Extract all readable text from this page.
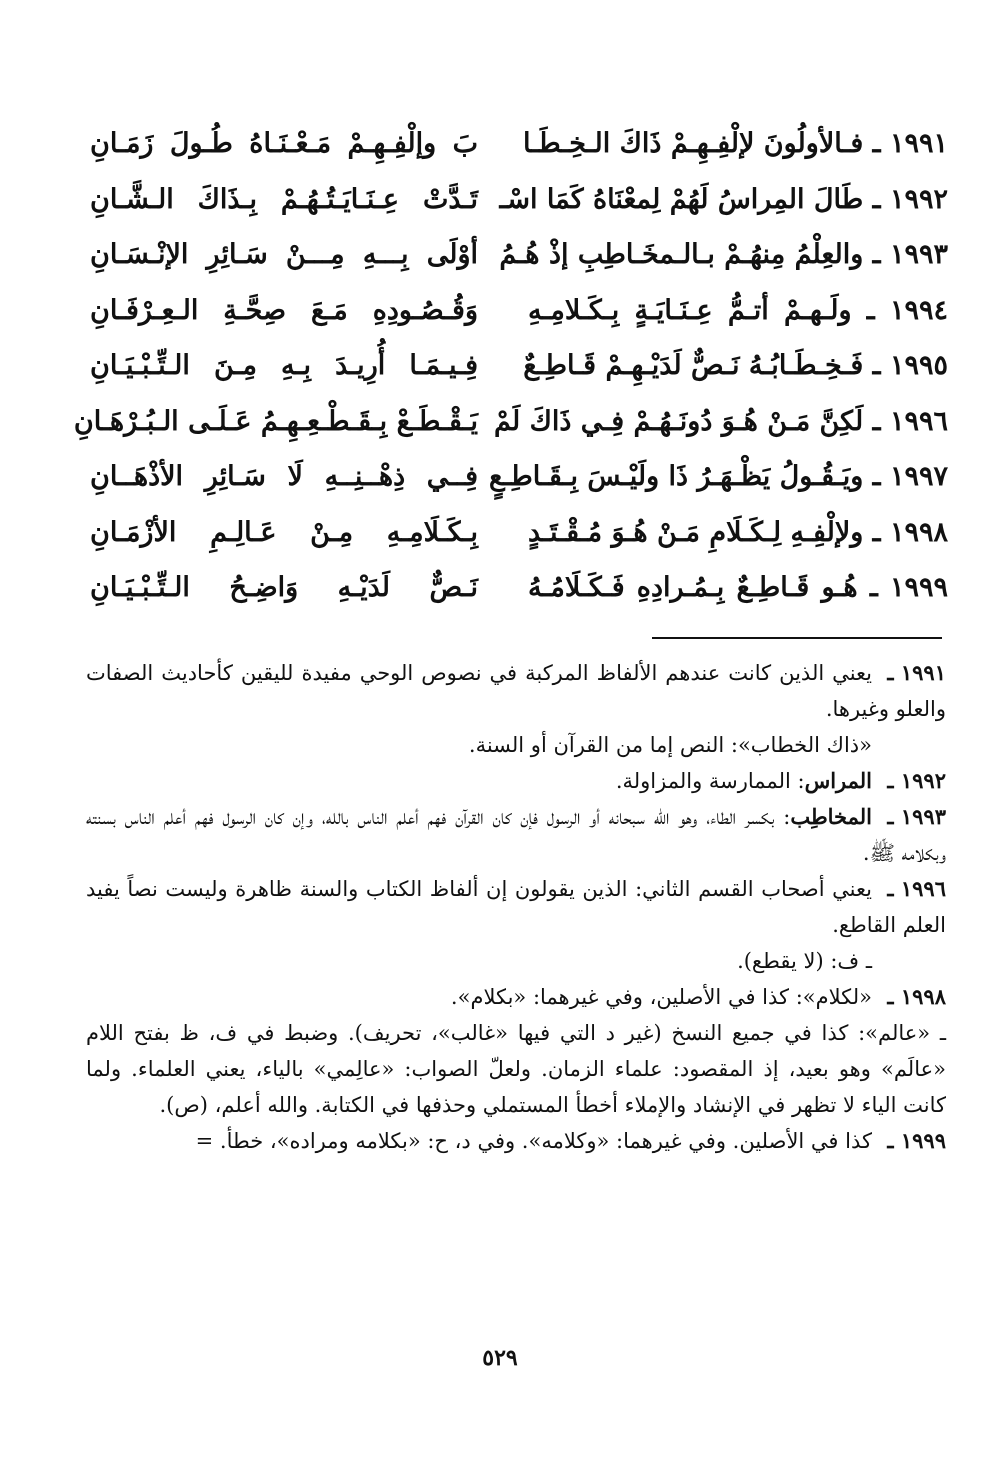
١٩٩١ ـ فـالأولُونَ لإلْفِـهِـمْ ذَاكَ الـخِـطَـا
بَ وإلْفِـهِـمْ مَـعْـنَـاهُ طُـولَ زَمَـانِ
١٩٩٢ ـ طَالَ المِراسُ لَهُمْ لِمعْنَاهُ كَمَا اسْـ
تَـدَّتْ عِـنَـايَـتُـهُـمْ بِـذَاكَ الـشَّـانِ
١٩٩٣ ـ والعِلْمُ مِنهُـمْ بـالـمخَـاطِبِ إذْ هُـمُ
أوْلَى بِـــهِ مِـــنْ سَـائِرِ الإنْـسَـانِ
١٩٩٤ ـ ولَـهـمْ أتـمُّ عِـنَـايَـةٍ بِـكَـلامِـهِ
وَقُـصُـودِهِ مَـعَ صِحَّـةِ الـعِـرْفَـانِ
١٩٩٥ ـ فَـخِـطَـابُـهُ نَـصٌّ لَدَيْـهِـمْ قَـاطِـعٌ
فِـيـمَـا أُرِيـدَ بِـهِ مِـنَ الـتِّـبْـيَـانِ
١٩٩٦ ـ لَكِنَّ مَـنْ هُـوَ دُونَـهُـمْ فِـي ذَاكَ لَمْ
يَـقْـطَـعْ بِـقَـطْـعِـهِـمُ عَـلَـى الـبُـرْهَـانِ
١٩٩٧ ـ ويَـقُـولُ يَظْـهَـرُ ذَا ولَيْـسَ بِـقَـاطِـعٍ
فِــي ذِهْــنِــهِ لَا سَـائِرِ الأذْهَــانِ
١٩٩٨ ـ ولإلْفِـهِ لِـكَـلَامِ مَـنْ هُـوَ مُـقْـتَـدٍ
بِـكَـلَامِـهِ مِـنْ عَـالِـمِ الأزْمَـانِ
١٩٩٩ ـ هُـو قَـاطِـعٌ بِـمُـرادِهِ فَـكَـلَامُـهُ
نَـصٌّ لَدَيْـهِ وَاضِـحُ الـتِّـبْـيَـانِ
١٩٩١ ـيعني الذين كانت عندهم الألفاظ المركبة في نصوص الوحي مفيدة لليقين كأحاديث الصفات والعلو وغيرها.
«ذاك الخطاب»: النص إما من القرآن أو السنة.
١٩٩٢ ـالمراس: الممارسة والمزاولة.
١٩٩٣ ـالمخاطِب: بكسر الطاء، وهو الله سبحانه أو الرسول فإن كان القرآن فهم أعلم الناس بالله، وإن كان الرسول فهم أعلم الناس بسنته وبكلامه ﷺ.
١٩٩٦ ـيعني أصحاب القسم الثاني: الذين يقولون إن ألفاظ الكتاب والسنة ظاهرة وليست نصاً يفيد العلم القاطع.
ـ ف: (لا يقطع).
١٩٩٨ ـ«لكلام»: كذا في الأصلين، وفي غيرهما: «بكلام».
ـ «عالم»: كذا في جميع النسخ (غير د التي فيها «غالب»، تحريف). وضبط في ف، ظ بفتح اللام «عالَم» وهو بعيد، إذ المقصود: علماء الزمان. ولعلّ الصواب: «عالِمي» بالياء، يعني العلماء. ولما كانت الياء لا تظهر في الإنشاد والإملاء أخطأ المستملي وحذفها في الكتابة. والله أعلم، (ص).
١٩٩٩ ـكذا في الأصلين. وفي غيرهما: «وكلامه». وفي د، ح: «بكلامه ومراده»، خطأ. =
٥٢٩
